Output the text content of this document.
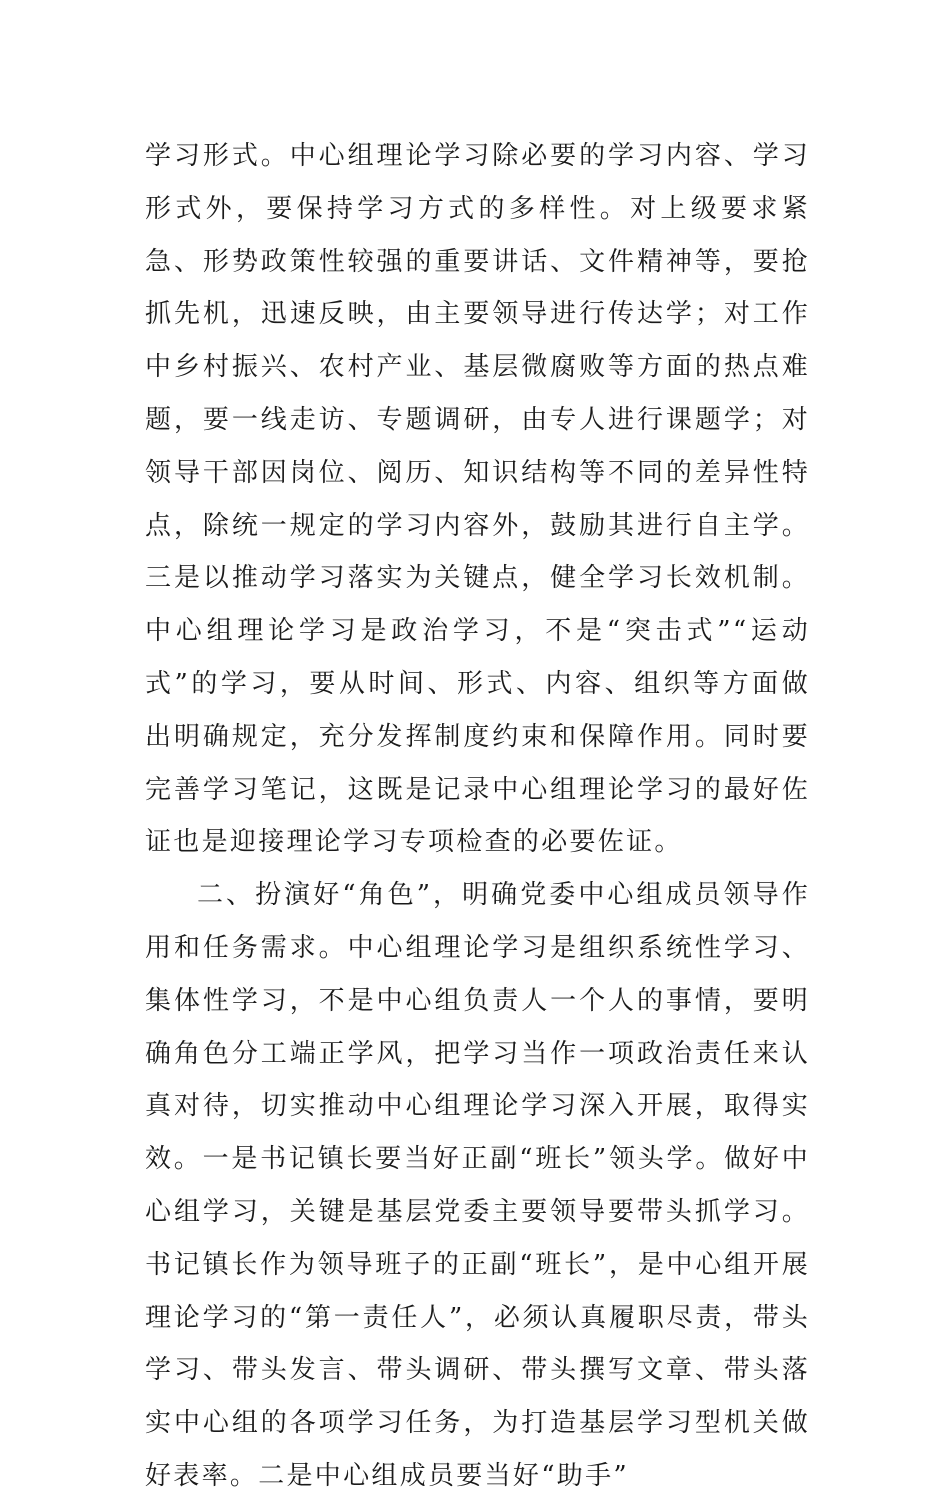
学习形式。中心组理论学习除必要的学习内容、学习形式外，要保持学习方式的多样性。对上级要求紧急、形势政策性较强的重要讲话、文件精神等，要抢抓先机，迅速反映，由主要领导进行传达学；对工作中乡村振兴、农村产业、基层微腐败等方面的热点难题，要一线走访、专题调研，由专人进行课题学；对领导干部因岗位、阅历、知识结构等不同的差异性特点，除统一规定的学习内容外，鼓励其进行自主学。三是以推动学习落实为关键点，健全学习长效机制。中心组理论学习是政治学习，不是“突击式”“运动式”的学习，要从时间、形式、内容、组织等方面做出明确规定，充分发挥制度约束和保障作用。同时要完善学习笔记，这既是记录中心组理论学习的最好佐证也是迎接理论学习专项检查的必要佐证。

二、扮演好“角色”，明确党委中心组成员领导作用和任务需求。中心组理论学习是组织系统性学习、集体性学习，不是中心组负责人一个人的事情，要明确角色分工端正学风，把学习当作一项政治责任来认真对待，切实推动中心组理论学习深入开展，取得实效。一是书记镇长要当好正副“班长”领头学。做好中心组学习，关键是基层党委主要领导要带头抓学习。书记镇长作为领导班子的正副“班长”，是中心组开展理论学习的“第一责任人”，必须认真履职尽责，带头学习、带头发言、带头调研、带头撰写文章、带头落实中心组的各项学习任务，为打造基层学习型机关做好表率。二是中心组成员要当好“助手”
